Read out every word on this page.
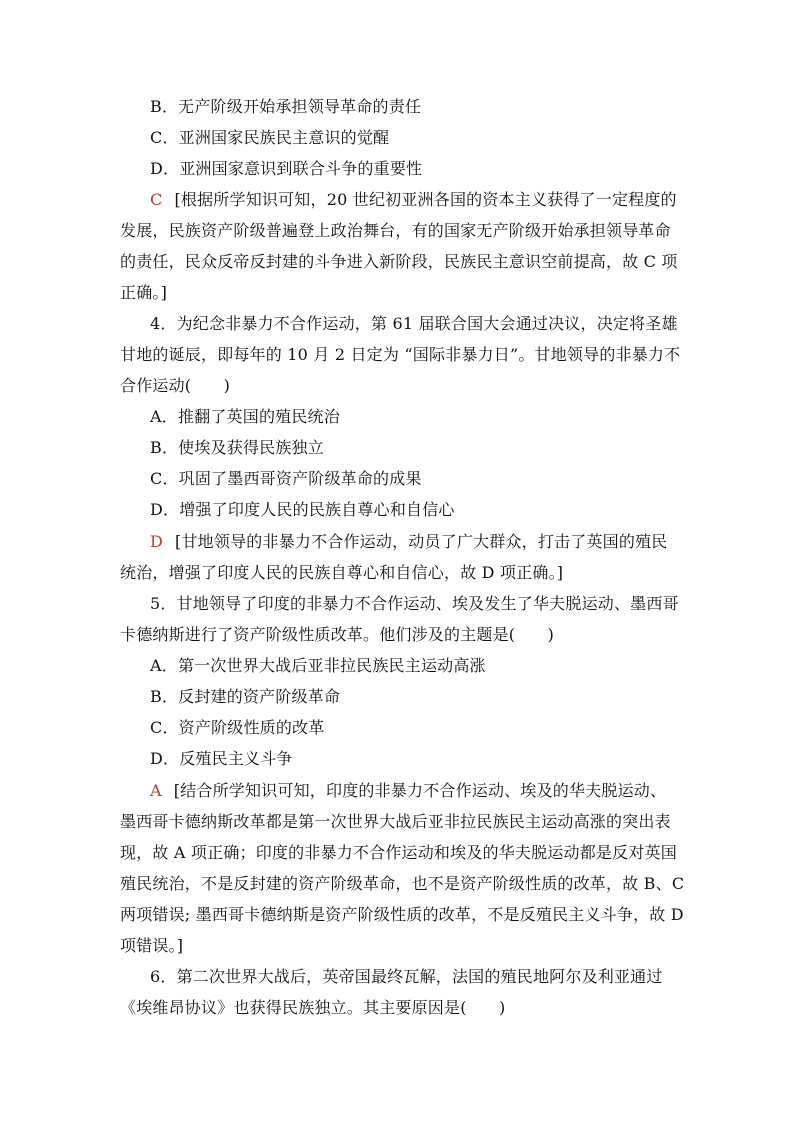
B．无产阶级开始承担领导革命的责任
C．亚洲国家民族民主意识的觉醒
D．亚洲国家意识到联合斗争的重要性
C [根据所学知识可知，20 世纪初亚洲各国的资本主义获得了一定程度的
发展，民族资产阶级普遍登上政治舞台，有的国家无产阶级开始承担领导革命
的责任，民众反帝反封建的斗争进入新阶段，民族民主意识空前提高，故 C 项
正确。]
4．为纪念非暴力不合作运动，第 61 届联合国大会通过决议，决定将圣雄
甘地的诞辰，即每年的 10 月 2 日定为 “国际非暴力日”。甘地领导的非暴力不
合作运动(　　)
A．推翻了英国的殖民统治
B．使埃及获得民族独立
C．巩固了墨西哥资产阶级革命的成果
D．增强了印度人民的民族自尊心和自信心
D [甘地领导的非暴力不合作运动，动员了广大群众，打击了英国的殖民
统治，增强了印度人民的民族自尊心和自信心，故 D 项正确。]
5．甘地领导了印度的非暴力不合作运动、埃及发生了华夫脱运动、墨西哥
卡德纳斯进行了资产阶级性质改革。他们涉及的主题是(　　)
A．第一次世界大战后亚非拉民族民主运动高涨
B．反封建的资产阶级革命
C．资产阶级性质的改革
D．反殖民主义斗争
A [结合所学知识可知，印度的非暴力不合作运动、埃及的华夫脱运动、
墨西哥卡德纳斯改革都是第一次世界大战后亚非拉民族民主运动高涨的突出表
现，故 A 项正确；印度的非暴力不合作运动和埃及的华夫脱运动都是反对英国
殖民统治，不是反封建的资产阶级革命，也不是资产阶级性质的改革，故 B、C
两项错误; 墨西哥卡德纳斯是资产阶级性质的改革，不是反殖民主义斗争，故 D
项错误。]
6．第二次世界大战后，英帝国最终瓦解，法国的殖民地阿尔及利亚通过
《埃维昂协议》也获得民族独立。其主要原因是(　　)
